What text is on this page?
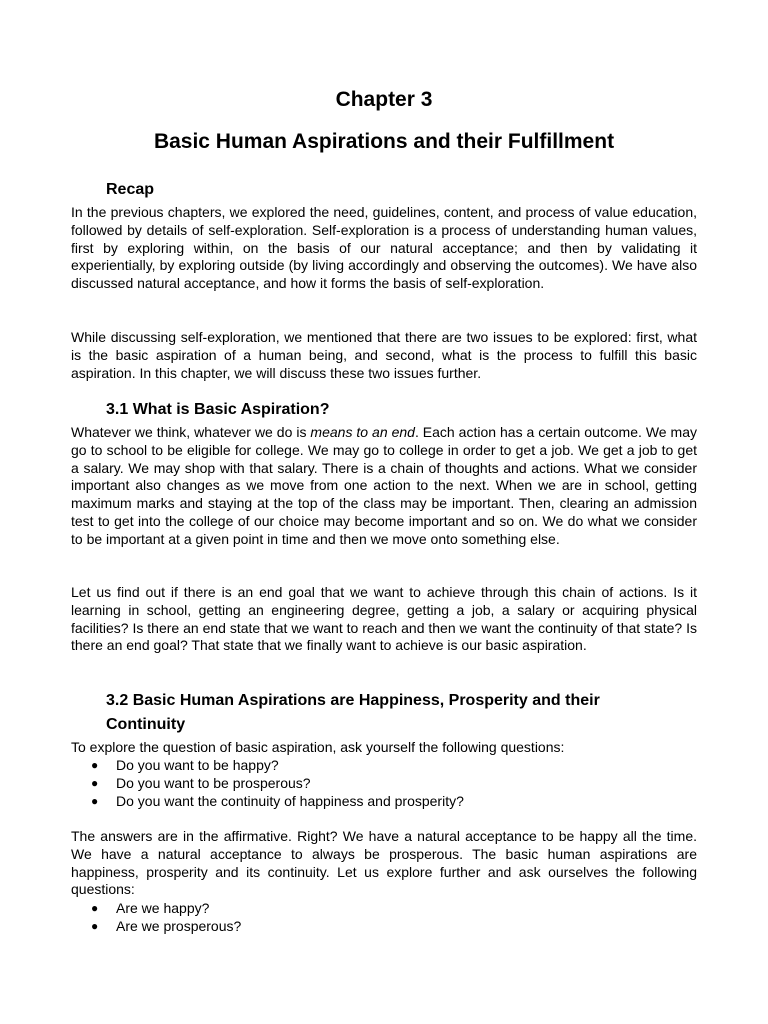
Chapter 3
Basic Human Aspirations and their Fulfillment
Recap
In the previous chapters, we explored the need, guidelines, content, and process of value education, followed by details of self-exploration. Self-exploration is a process of understanding human values, first by exploring within, on the basis of our natural acceptance; and then by validating it experientially, by exploring outside (by living accordingly and observing the outcomes). We have also discussed natural acceptance, and how it forms the basis of self-exploration.
While discussing self-exploration, we mentioned that there are two issues to be explored: first, what is the basic aspiration of a human being, and second, what is the process to fulfill this basic aspiration. In this chapter, we will discuss these two issues further.
3.1 What is Basic Aspiration?
Whatever we think, whatever we do is means to an end. Each action has a certain outcome. We may go to school to be eligible for college. We may go to college in order to get a job. We get a job to get a salary. We may shop with that salary. There is a chain of thoughts and actions. What we consider important also changes as we move from one action to the next. When we are in school, getting maximum marks and staying at the top of the class may be important. Then, clearing an admission test to get into the college of our choice may become important and so on. We do what we consider to be important at a given point in time and then we move onto something else.
Let us find out if there is an end goal that we want to achieve through this chain of actions. Is it learning in school, getting an engineering degree, getting a job, a salary or acquiring physical facilities? Is there an end state that we want to reach and then we want the continuity of that state? Is there an end goal? That state that we finally want to achieve is our basic aspiration.
3.2 Basic Human Aspirations are Happiness, Prosperity and their
Continuity
To explore the question of basic aspiration, ask yourself the following questions:
● Do you want to be happy?
● Do you want to be prosperous?
● Do you want the continuity of happiness and prosperity?
The answers are in the affirmative. Right? We have a natural acceptance to be happy all the time. We have a natural acceptance to always be prosperous. The basic human aspirations are happiness, prosperity and its continuity. Let us explore further and ask ourselves the following questions:
● Are we happy?
● Are we prosperous?
